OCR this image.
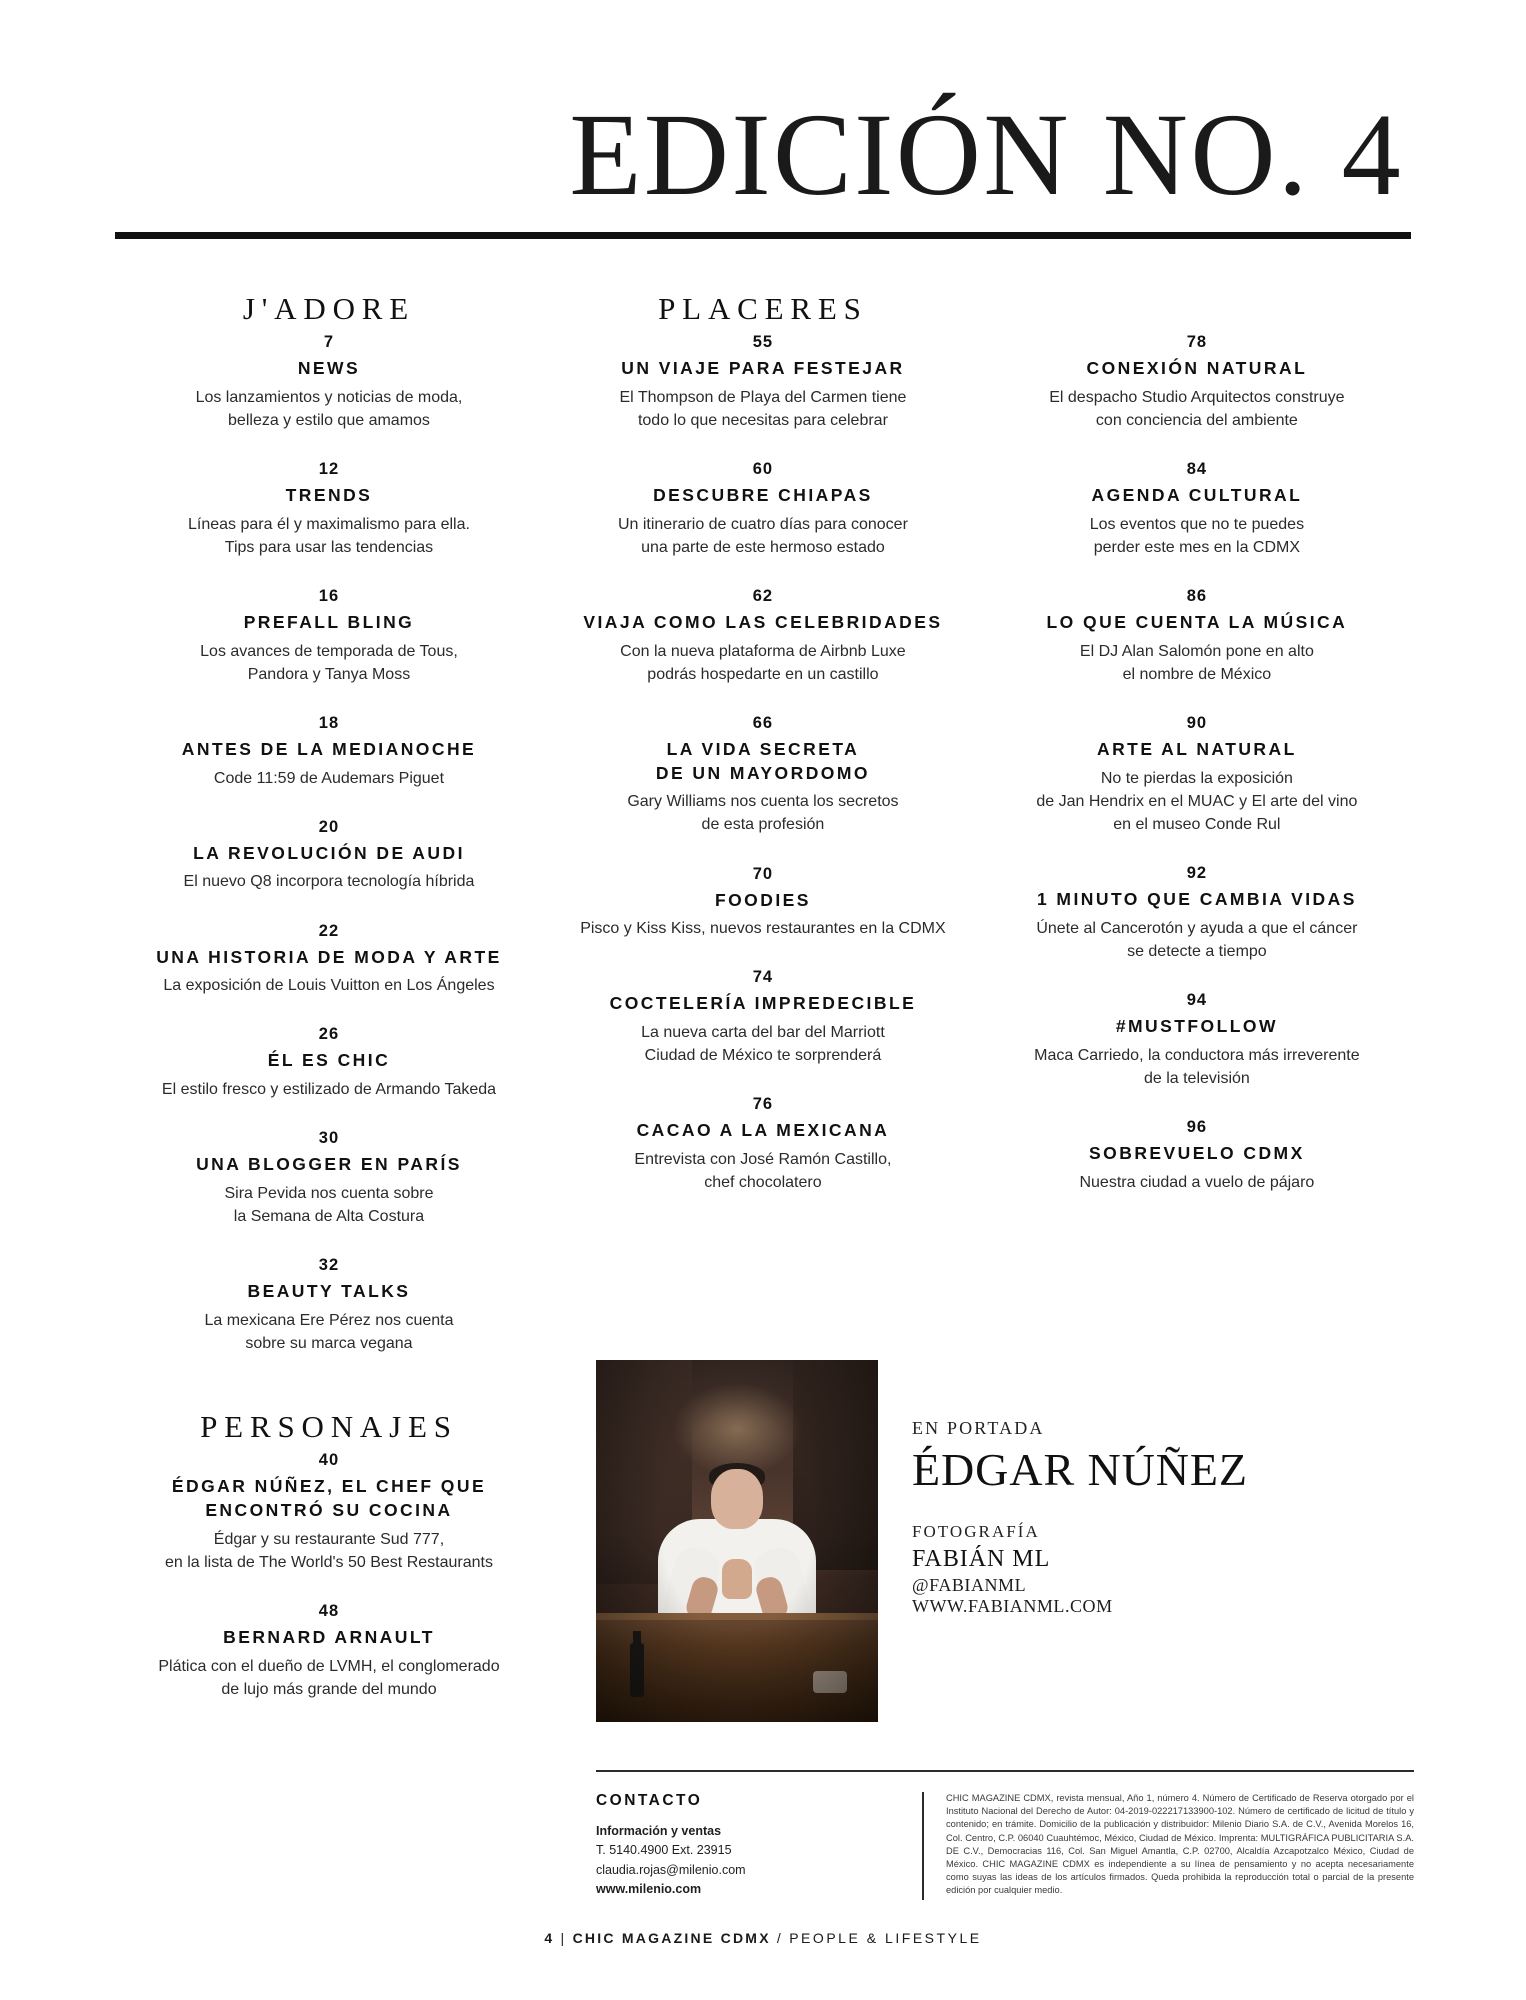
EDICIÓN NO. 4
J'ADORE

7

NEWS

Los lanzamientos y noticias de moda,
belleza y estilo que amamos

12

TRENDS

Líneas para él y maximalismo para ella.
Tips para usar las tendencias

16

PREFALL BLING

Los avances de temporada de Tous,
Pandora y Tanya Moss

18

ANTES DE LA MEDIANOCHE

Code 11:59 de Audemars Piguet

20

LA REVOLUCIÓN DE AUDI

El nuevo Q8 incorpora tecnología híbrida

22

UNA HISTORIA DE MODA Y ARTE

La exposición de Louis Vuitton en Los Ángeles

26

ÉL ES CHIC

El estilo fresco y estilizado de Armando Takeda

30

UNA BLOGGER EN PARÍS

Sira Pevida nos cuenta sobre
la Semana de Alta Costura

32

BEAUTY TALKS

La mexicana Ere Pérez nos cuenta
sobre su marca vegana

PERSONAJES

40

ÉDGAR NÚÑEZ, EL CHEF QUE
ENCONTRÓ SU COCINA

Édgar y su restaurante Sud 777,
en la lista de The World's 50 Best Restaurants

48

BERNARD ARNAULT

Plática con el dueño de LVMH, el conglomerado
de lujo más grande del mundo

PLACERES

55

UN VIAJE PARA FESTEJAR

El Thompson de Playa del Carmen tiene
todo lo que necesitas para celebrar

60

DESCUBRE CHIAPAS

Un itinerario de cuatro días para conocer
una parte de este hermoso estado

62

VIAJA COMO LAS CELEBRIDADES

Con la nueva plataforma de Airbnb Luxe
podrás hospedarte en un castillo

66

LA VIDA SECRETA
DE UN MAYORDOMO

Gary Williams nos cuenta los secretos
de esta profesión

70

FOODIES

Pisco y Kiss Kiss, nuevos restaurantes en la CDMX

74

COCTELERÍA IMPREDECIBLE

La nueva carta del bar del Marriott
Ciudad de México te sorprenderá

76

CACAO A LA MEXICANA

Entrevista con José Ramón Castillo,
chef chocolatero

78

CONEXIÓN NATURAL

El despacho Studio Arquitectos construye
con conciencia del ambiente

84

AGENDA CULTURAL

Los eventos que no te puedes
perder este mes en la CDMX

86

LO QUE CUENTA LA MÚSICA

El DJ Alan Salomón pone en alto
el nombre de México

90

ARTE AL NATURAL

No te pierdas la exposición
de Jan Hendrix en el MUAC y El arte del vino
en el museo Conde Rul

92

1 MINUTO QUE CAMBIA VIDAS

Únete al Cancerotón y ayuda a que el cáncer
se detecte a tiempo

94

#MUSTFOLLOW

Maca Carriedo, la conductora más irreverente
de la televisión

96

SOBREVUELO CDMX

Nuestra ciudad a vuelo de pájaro

EN PORTADA

ÉDGAR NÚÑEZ

FOTOGRAFÍA

FABIÁN ML

@FABIANML

WWW.FABIANML.COM

CONTACTO

Información y ventas

T. 5140.4900 Ext. 23915

claudia.rojas@milenio.com

www.milenio.com

CHIC MAGAZINE CDMX, revista mensual, Año 1, número 4. Número de Certificado de Reserva otorgado por el Instituto Nacional del Derecho de Autor: 04-2019-022217133900-102. Número de certificado de licitud de título y contenido; en trámite. Domicilio de la publicación y distribuidor: Milenio Diario S.A. de C.V., Avenida Morelos 16, Col. Centro, C.P. 06040 Cuauhtémoc, México, Ciudad de México. Imprenta: MULTIGRÁFICA PUBLICITARIA S.A. DE C.V., Democracias 116, Col. San Miguel Amantla, C.P. 02700, Alcaldía Azcapotzalco México, Ciudad de México. CHIC MAGAZINE CDMX es independiente a su línea de pensamiento y no acepta necesariamente como suyas las ideas de los artículos firmados. Queda prohibida la reproducción total o parcial de la presente edición por cualquier medio.
4 | CHIC MAGAZINE CDMX / PEOPLE & LIFESTYLE
